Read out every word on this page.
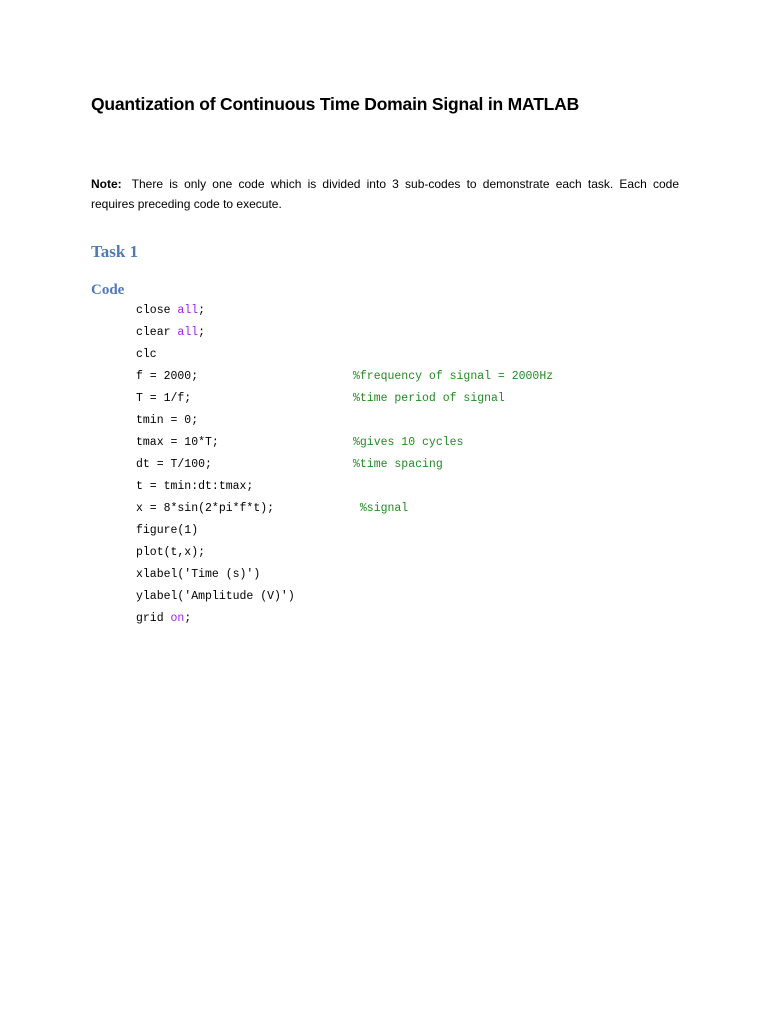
Quantization of Continuous Time Domain Signal in MATLAB
Note: There is only one code which is divided into 3 sub-codes to demonstrate each task. Each code requires preceding code to execute.
Task 1
Code
close all;
clear all;
clc
f = 2000;	%frequency of signal = 2000Hz
T = 1/f;	%time period of signal
tmin = 0;
tmax = 10*T;	%gives 10 cycles
dt = T/100;	%time spacing
t = tmin:dt:tmax;
x = 8*sin(2*pi*f*t);	%signal
figure(1)
plot(t,x);
xlabel('Time (s)')
ylabel('Amplitude (V)')
grid on;
